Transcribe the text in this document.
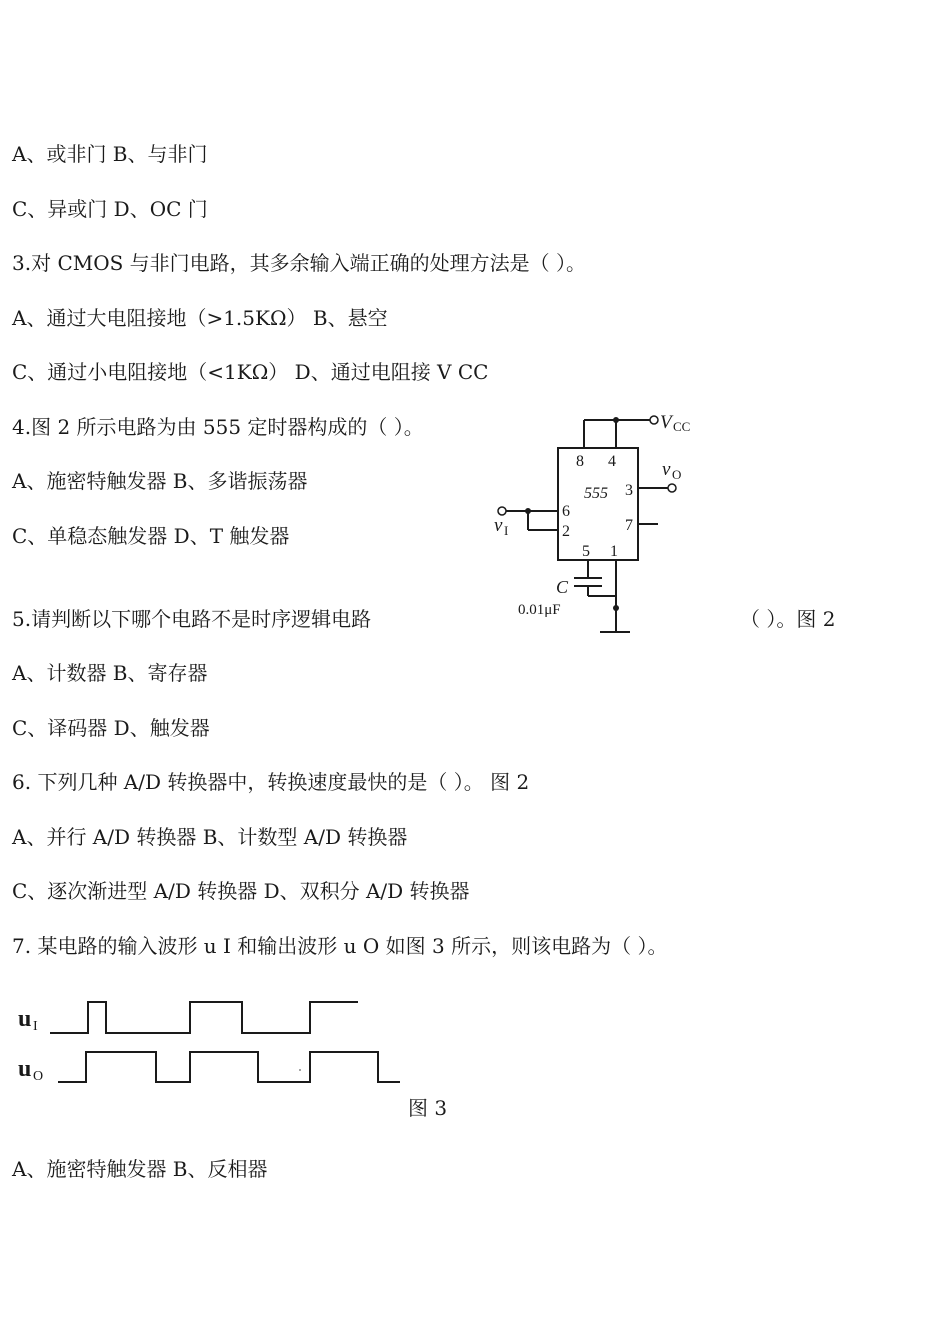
A、或非门 B、与非门
C、异或门 D、OC 门
3.对 CMOS 与非门电路，其多余输入端正确的处理方法是（ ）。
A、通过大电阻接地（>1.5KΩ） B、悬空
C、通过小电阻接地（<1KΩ） D、通过电阻接 V CC
4.图 2 所示电路为由 555 定时器构成的（ ）。
A、施密特触发器 B、多谐振荡器
C、单稳态触发器 D、T 触发器
5.请判断以下哪个电路不是时序逻辑电路	（ ）。图 2
A、计数器 B、寄存器
C、译码器 D、触发器
6. 下列几种 A/D 转换器中，转换速度最快的是（ ）。 图 2
A、并行 A/D 转换器 B、计数型 A/D 转换器
C、逐次渐进型 A/D 转换器 D、双积分 A/D 转换器
7. 某电路的输入波形 u I 和输出波形 u O 如图 3 所示，则该电路为（ ）。
A、施密特触发器 B、反相器
V CC
v O
v I
8 4
555 3
6
2	7
5 1
C
0.01μF
u I
u O
图 3
